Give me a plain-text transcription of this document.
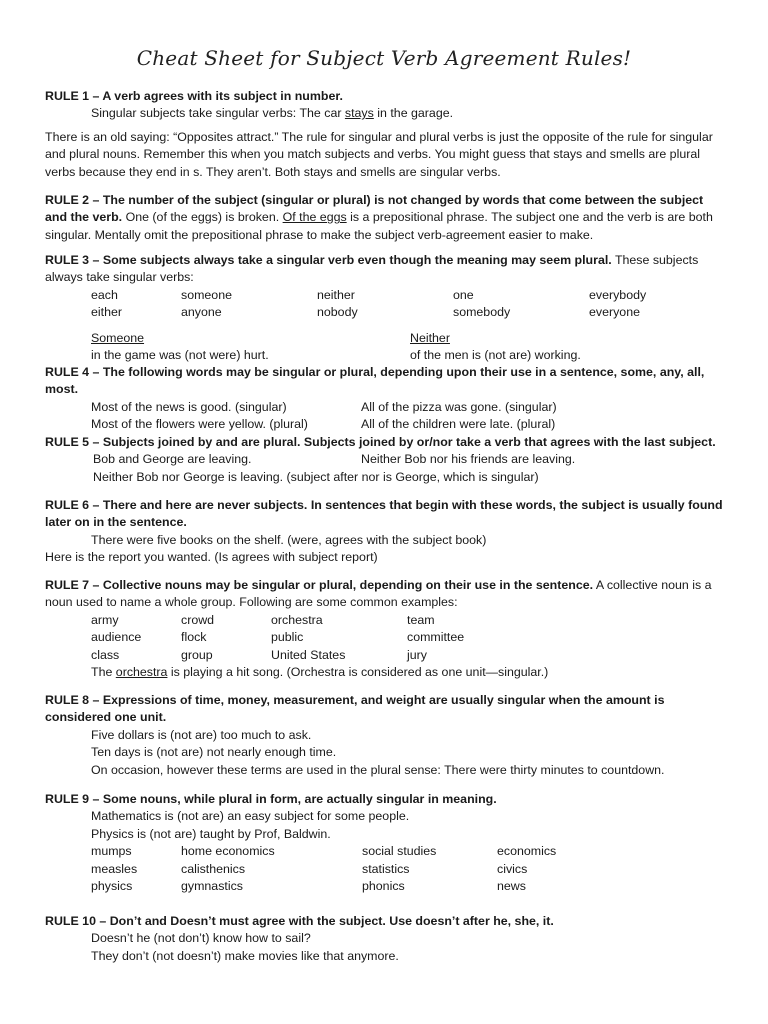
Cheat Sheet for Subject Verb Agreement Rules!

RULE 1 – A verb agrees with its subject in number.

Singular subjects take singular verbs: The car stays in the garage.

There is an old saying: “Opposites attract.” The rule for singular and plural verbs is just the opposite of the rule for singular and plural nouns. Remember this when you match subjects and verbs. You might guess that stays and smells are plural verbs because they end in s. They aren’t. Both stays and smells are singular verbs.

RULE 2 – The number of the subject (singular or plural) is not changed by words that come between the subject and the verb. One (of the eggs) is broken. Of the eggs is a prepositional phrase. The subject one and the verb is are both singular. Mentally omit the prepositional phrase to make the subject verb-agreement easier to make.

RULE 3 – Some subjects always take a singular verb even though the meaning may seem plural. These subjects always take singular verbs:

each	someone	neither	one	everybody
either	anyone	nobody	somebody	everyone
Someone
in the game was (not were) hurt.
Neither
of the men is (not are) working.

RULE 4 – The following words may be singular or plural, depending upon their use in a sentence, some, any, all, most.

Most of the news is good. (singular)	All of the pizza was gone. (singular)
Most of the flowers were yellow. (plural)	All of the children were late. (plural)

RULE 5 – Subjects joined by and are plural. Subjects joined by or/nor take a verb that agrees with the last subject.

Bob and George are leaving.	Neither Bob nor his friends are leaving.

Neither Bob nor George is leaving. (subject after nor is George, which is singular)

RULE 6 – There and here are never subjects. In sentences that begin with these words, the subject is usually found later on in the sentence.

There were five books on the shelf. (were, agrees with the subject book)

Here is the report you wanted. (Is agrees with subject report)

RULE 7 – Collective nouns may be singular or plural, depending on their use in the sentence. A collective noun is a noun used to name a whole group. Following are some common examples:

army	crowd	orchestra	team
audience	flock	public	committee
class	group	United States	jury

The orchestra is playing a hit song. (Orchestra is considered as one unit—singular.)

RULE 8 – Expressions of time, money, measurement, and weight are usually singular when the amount is considered one unit.

Five dollars is (not are) too much to ask.

Ten days is (not are) not nearly enough time.

On occasion, however these terms are used in the plural sense: There were thirty minutes to countdown.

RULE 9 – Some nouns, while plural in form, are actually singular in meaning.

Mathematics is (not are) an easy subject for some people.

Physics is (not are) taught by Prof, Baldwin.

mumps	home economics	social studies	economics
measles	calisthenics	statistics	civics
physics	gymnastics	phonics	news

RULE 10 – Don’t and Doesn’t must agree with the subject. Use doesn’t after he, she, it.

Doesn’t he (not don’t) know how to sail?

They don’t (not doesn’t) make movies like that anymore.
